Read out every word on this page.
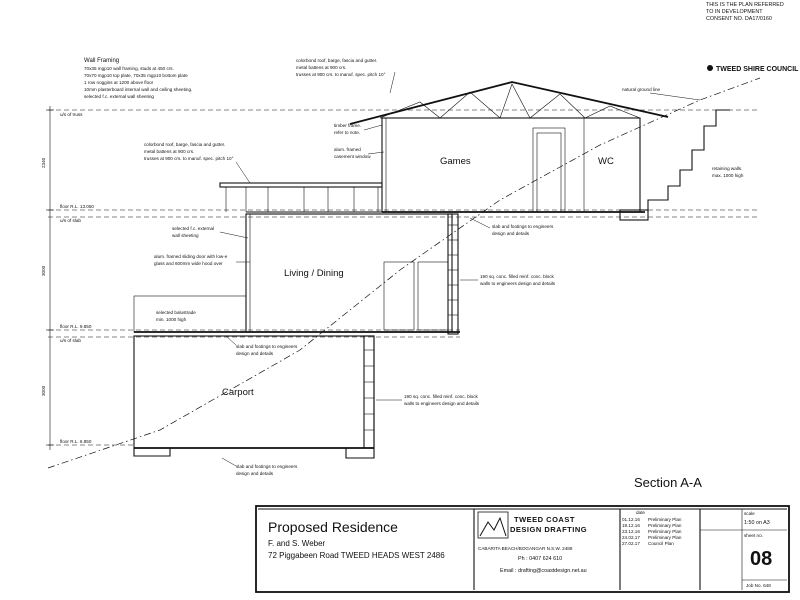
THIS IS THE PLAN REFERRED
TO IN DEVELOPMENT
CONSENT NO. DA17/0160
TWEED SHIRE COUNCIL
Wall Framing
70x35 mgp10 wall framing, studs at 450 crs.
70x70 mgp10 top plate, 70x35 mgp10 bottom plate
1 row noggins at 1200 above floor
10mm plasterboard internal wall and ceiling sheeting.
selected f.c. external wall sheeting
colorbond roof, barge, fascia and gutter.
metal battens at 900 crs.
trusses at 900 crs. to manuf. spec. pitch 10°
natural ground line
u/s of truss
floor R.L. 13.050
u/s of slab
floor R.L. 9.850
u/s of slab
floor R.L. 6.850
2340
3000
3000
Games	WC
Living / Dining
Carport
timber frame.
refer to note.
alum. framed
casement window
colorbond roof, barge, fascia and gutter.
metal battens at 900 crs.
trusses at 900 crs. to manuf. spec. pitch 10°
retaining walls.
max. 1000 high
slab and footings to engineers
design and details
selected f.c. external
wall sheeting
alum. framed sliding door with low-e
glass and 600mm wide hood over
190 sq. conc. filled reinf. conc. block
walls to engineers design and details
selected balustrade
min. 1000 high
slab and footings to engineers
design and details
190 sq. conc. filled reinf. conc. block
walls to engineers design and details
slab and footings to engineers
design and details
Section A-A
Proposed Residence
F. and S. Weber
72 Piggabeen Road TWEED HEADS WEST 2486
TWEED COAST
DESIGN DRAFTING
CABARITA BEACH/BOGANGAR N.S.W. 2488
Ph : 0407 624 610
Email : drafting@coastdesign.net.au
date
01.12.16 Preliminary Plan
19.12.16 Preliminary Plan
23.12.16 Preliminary Plan
24.02.17 Preliminary Plan
27.02.17 Council Plan
scale
1:50 on A3
sheet no.
08
Job No. 648
